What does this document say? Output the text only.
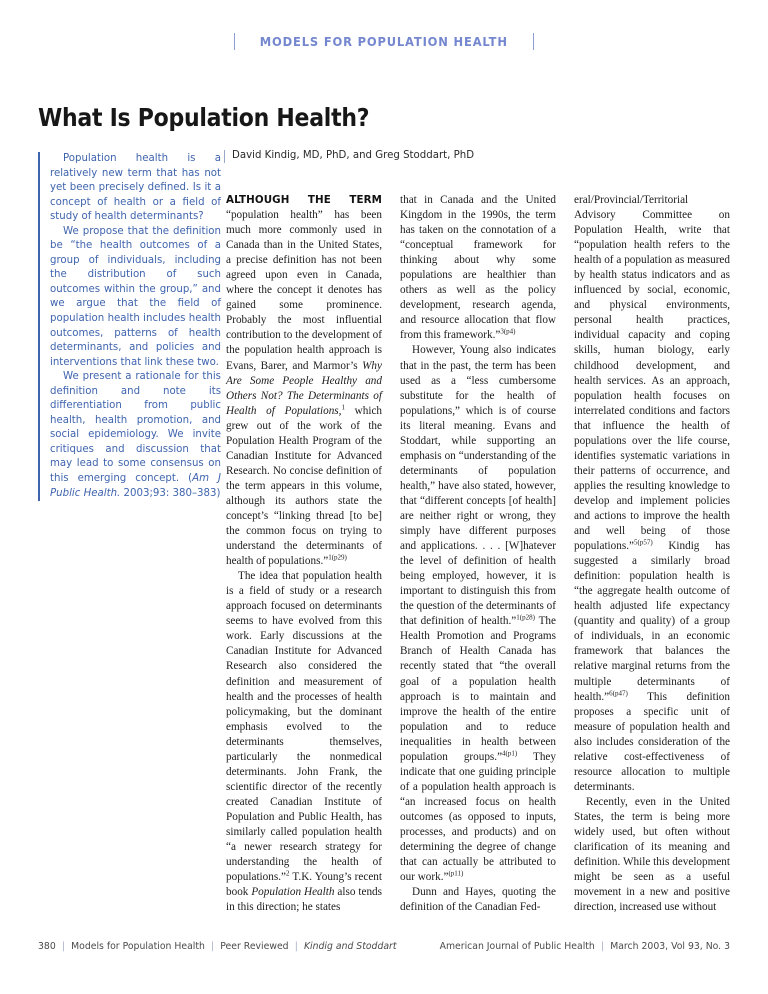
MODELS FOR POPULATION HEALTH
What Is Population Health?
David Kindig, MD, PhD, and Greg Stoddart, PhD

Population health is a relatively new term that has not yet been precisely defined. Is it a concept of health or a field of study of health determinants?

We propose that the definition be “the health outcomes of a group of individuals, including the distribution of such outcomes within the group,” and we argue that the field of population health includes health outcomes, patterns of health determinants, and policies and interventions that link these two.

We present a rationale for this definition and note its differentiation from public health, health promotion, and social epidemiology. We invite critiques and discussion that may lead to some consensus on this emerging concept. (Am J Public Health. 2003;93: 380–383)

ALTHOUGH THE TERM “population health” has been much more commonly used in Canada than in the United States, a precise definition has not been agreed upon even in Canada, where the concept it denotes has gained some prominence. Probably the most influential contribution to the development of the population health approach is Evans, Barer, and Marmor’s Why Are Some People Healthy and Others Not? The Determinants of Health of Populations,$^1$ which grew out of the work of the Population Health Program of the Canadian Institute for Advanced Research. No concise definition of the term appears in this volume, although its authors state the concept’s “linking thread [to be] the common focus on trying to understand the determinants of health of populations.”$^{1(p29)}$

The idea that population health is a field of study or a research approach focused on determinants seems to have evolved from this work. Early discussions at the Canadian Institute for Advanced Research also considered the definition and measurement of health and the processes of health policymaking, but the dominant emphasis evolved to the determinants themselves, particularly the nonmedical determinants. John Frank, the scientific director of the recently created Canadian Institute of Population and Public Health, has similarly called population health “a newer research strategy for understanding the health of populations.”$^2$ T.K. Young’s recent book Population Health also tends in this direction; he states

that in Canada and the United Kingdom in the 1990s, the term has taken on the connotation of a “conceptual framework for thinking about why some populations are healthier than others as well as the policy development, research agenda, and resource allocation that flow from this framework.”$^{3(p4)}$

However, Young also indicates that in the past, the term has been used as a “less cumbersome substitute for the health of populations,” which is of course its literal meaning. Evans and Stoddart, while supporting an emphasis on “understanding of the determinants of population health,” have also stated, however, that “different concepts [of health] are neither right or wrong, they simply have different purposes and applications. . . . [W]hatever the level of definition of health being employed, however, it is important to distinguish this from the question of the determinants of that definition of health.”$^{1(p28)}$ The Health Promotion and Programs Branch of Health Canada has recently stated that “the overall goal of a population health approach is to maintain and improve the health of the entire population and to reduce inequalities in health between population groups.”$^{4(p1)}$ They indicate that one guiding principle of a population health approach is “an increased focus on health outcomes (as opposed to inputs, processes, and products) and on determining the degree of change that can actually be attributed to our work.”$^{(p11)}$

Dunn and Hayes, quoting the definition of the Canadian Fed-

eral/Provincial/Territorial Advisory Committee on Population Health, write that “population health refers to the health of a population as measured by health status indicators and as influenced by social, economic, and physical environments, personal health practices, individual capacity and coping skills, human biology, early childhood development, and health services. As an approach, population health focuses on interrelated conditions and factors that influence the health of populations over the life course, identifies systematic variations in their patterns of occurrence, and applies the resulting knowledge to develop and implement policies and actions to improve the health and well being of those populations.”$^{5(p57)}$ Kindig has suggested a similarly broad definition: population health is “the aggregate health outcome of health adjusted life expectancy (quantity and quality) of a group of individuals, in an economic framework that balances the relative marginal returns from the multiple determinants of health.”$^{6(p47)}$ This definition proposes a specific unit of measure of population health and also includes consideration of the relative cost-effectiveness of resource allocation to multiple determinants.

Recently, even in the United States, the term is being more widely used, but often without clarification of its meaning and definition. While this development might be seen as a useful movement in a new and positive direction, increased use without

380 | Models for Population Health | Peer Reviewed | Kindig and Stoddart	American Journal of Public Health | March 2003, Vol 93, No. 3
